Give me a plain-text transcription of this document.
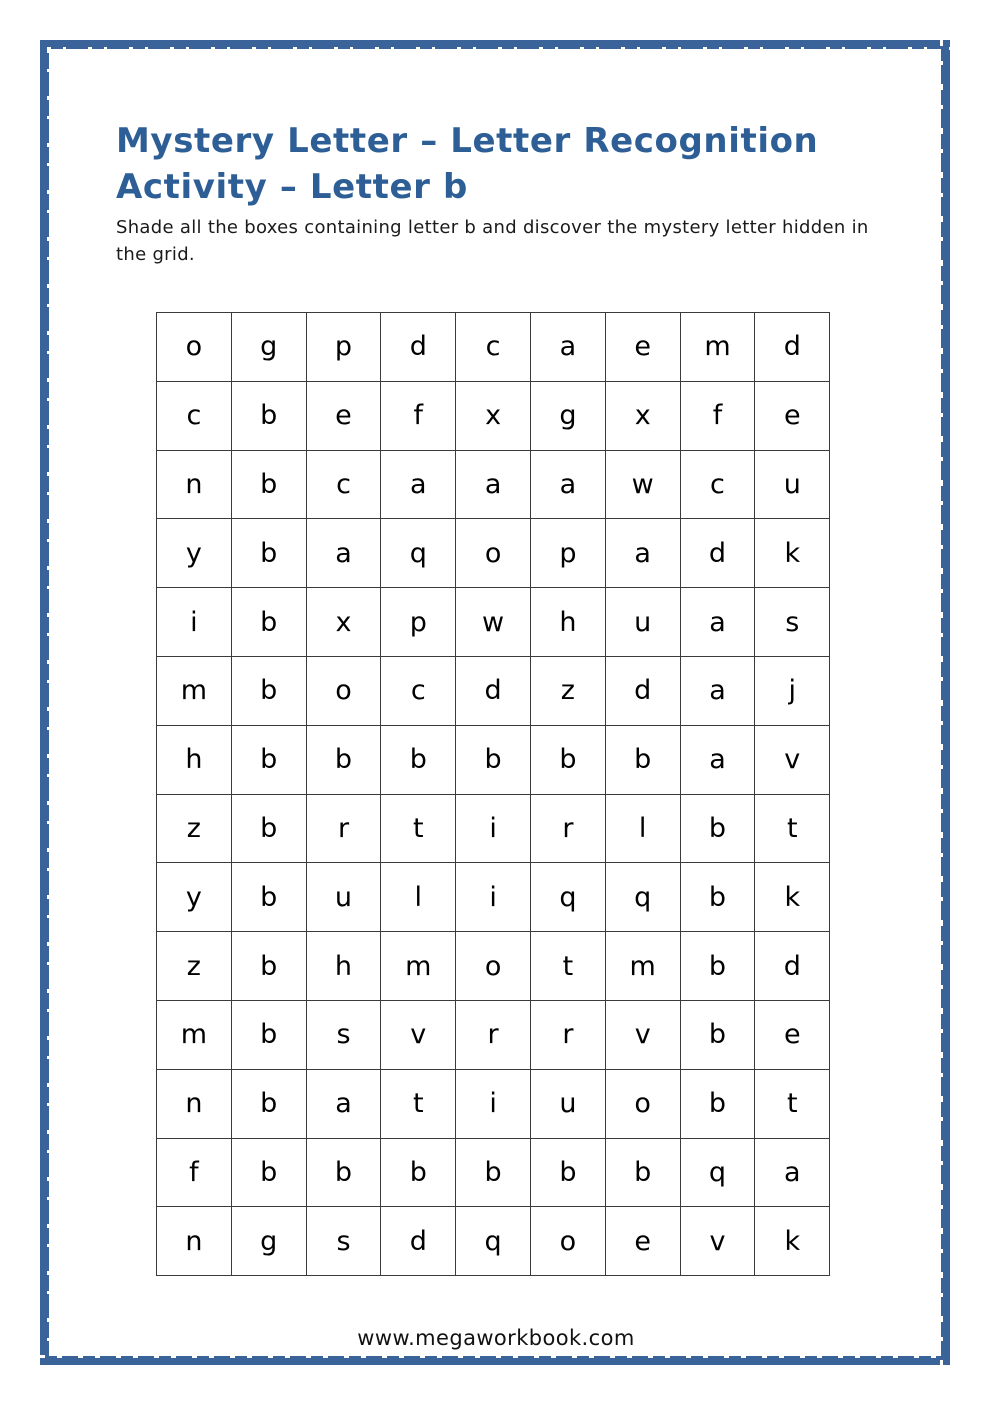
Mystery Letter – Letter Recognition Activity – Letter b

Shade all the boxes containing letter b and discover the mystery letter hidden in the grid.

o	g	p	d	c	a	e	m	d
c	b	e	f	x	g	x	f	e
n	b	c	a	a	a	w	c	u
y	b	a	q	o	p	a	d	k
i	b	x	p	w	h	u	a	s
m	b	o	c	d	z	d	a	j
h	b	b	b	b	b	b	a	v
z	b	r	t	i	r	l	b	t
y	b	u	l	i	q	q	b	k
z	b	h	m	o	t	m	b	d
m	b	s	v	r	r	v	b	e
n	b	a	t	i	u	o	b	t
f	b	b	b	b	b	b	q	a
n	g	s	d	q	o	e	v	k
www.megaworkbook.com
